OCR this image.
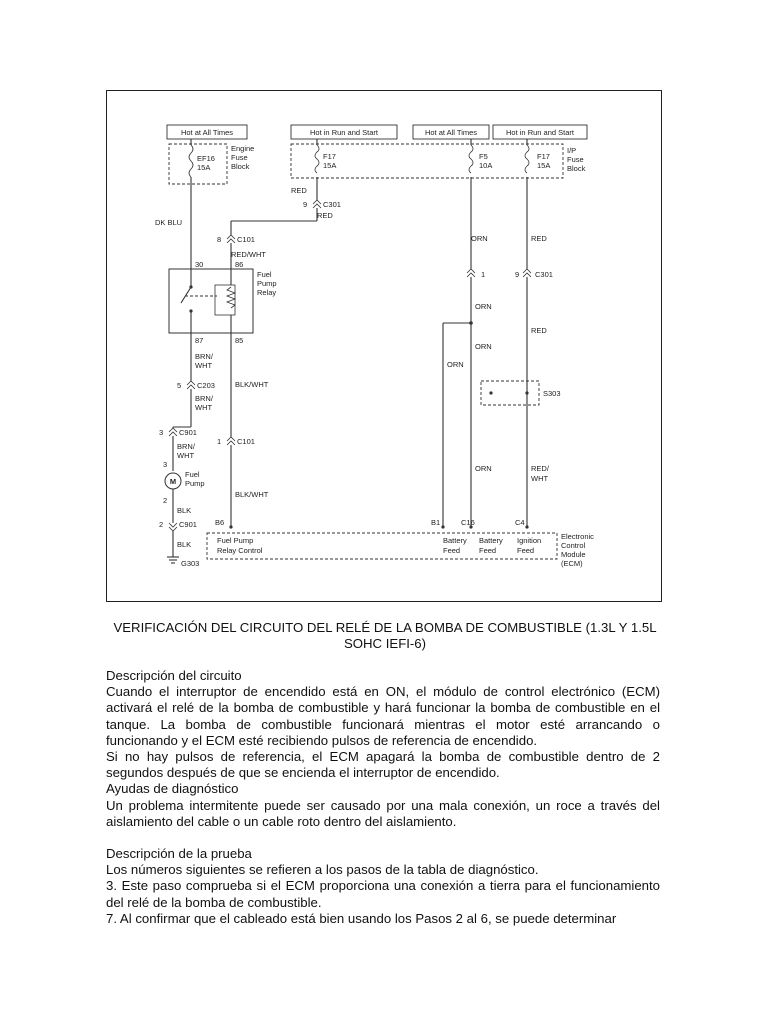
Hot at All Times	Hot in Run and Start	Hot at All Times	Hot in Run and Start
EF16
15A
Engine
Fuse
Block
F17
15A
F5
10A
F17
15A
I/P
Fuse
Block
DK BLU
RED
9 C301
RED
8 C101
RED/WHT
30	86
Fuel
Pump
Relay
87	85
BRN/
WHT
5 C203
BRN/
WHT
3 C901
BRN/
WHT
3
M
Fuel
Pump
2
BLK
2 C901
BLK
G303
BLK/WHT
1 C101
BLK/WHT
B6
ORN
1
ORN
ORN
ORN
ORN
B1	C16
RED
9 C301
RED
RED/
WHT
C4
S303
Fuel Pump
Relay Control
Battery
Feed
Battery
Feed
Ignition
Feed
Electronic
Control
Module
(ECM)
VERIFICACIÓN DEL CIRCUITO DEL RELÉ DE LA BOMBA DE COMBUSTIBLE (1.3L Y 1.5L SOHC IEFI-6)

Descripción del circuito

Cuando el interruptor de encendido está en ON, el módulo de control electrónico (ECM) activará el relé de la bomba de combustible y hará funcionar la bomba de combustible en el tanque. La bomba de combustible funcionará mientras el motor esté arrancando o funcionando y el ECM esté recibiendo pulsos de referencia de encendido.

Si no hay pulsos de referencia, el ECM apagará la bomba de combustible dentro de 2 segundos después de que se encienda el interruptor de encendido.

Ayudas de diagnóstico

Un problema intermitente puede ser causado por una mala conexión, un roce a través del aislamiento del cable o un cable roto dentro del aislamiento.

Descripción de la prueba

Los números siguientes se refieren a los pasos de la tabla de diagnóstico.

3. Este paso comprueba si el ECM proporciona una conexión a tierra para el funcionamiento del relé de la bomba de combustible.

7. Al confirmar que el cableado está bien usando los Pasos 2 al 6, se puede determinar
